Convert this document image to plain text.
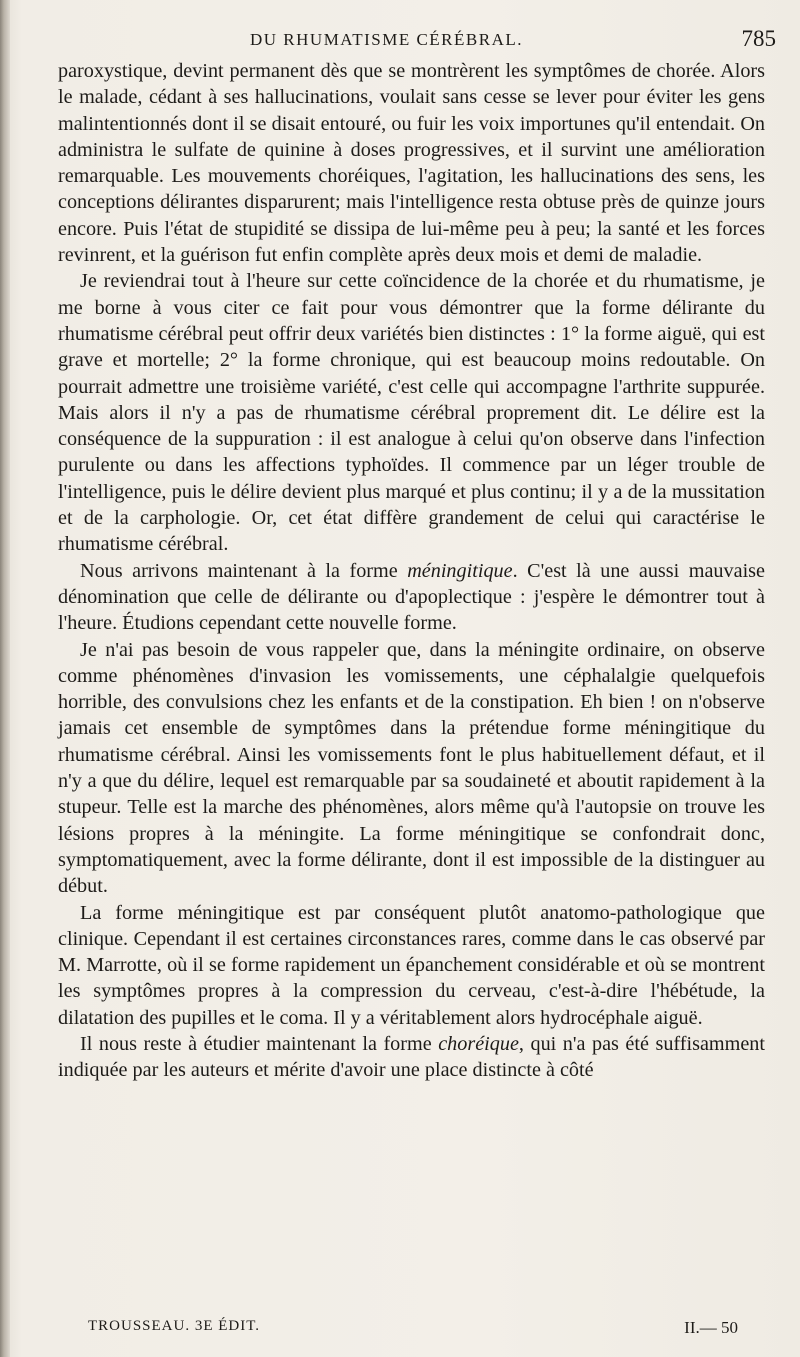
DU RHUMATISME CÉRÉBRAL.	785

paroxystique, devint permanent dès que se montrèrent les symptômes de chorée. Alors le malade, cédant à ses hallucinations, voulait sans cesse se lever pour éviter les gens malintentionnés dont il se disait entouré, ou fuir les voix importunes qu'il entendait. On administra le sulfate de quinine à doses progressives, et il survint une amélioration remarquable. Les mouvements choréiques, l'agitation, les hallucinations des sens, les conceptions délirantes disparurent; mais l'intelligence resta obtuse près de quinze jours encore. Puis l'état de stupidité se dissipa de lui-même peu à peu; la santé et les forces revinrent, et la guérison fut enfin complète après deux mois et demi de maladie.

Je reviendrai tout à l'heure sur cette coïncidence de la chorée et du rhumatisme, je me borne à vous citer ce fait pour vous démontrer que la forme délirante du rhumatisme cérébral peut offrir deux variétés bien distinctes : 1° la forme aiguë, qui est grave et mortelle; 2° la forme chronique, qui est beaucoup moins redoutable. On pourrait admettre une troisième variété, c'est celle qui accompagne l'arthrite suppurée. Mais alors il n'y a pas de rhumatisme cérébral proprement dit. Le délire est la conséquence de la suppuration : il est analogue à celui qu'on observe dans l'infection purulente ou dans les affections typhoïdes. Il commence par un léger trouble de l'intelligence, puis le délire devient plus marqué et plus continu; il y a de la mussitation et de la carphologie. Or, cet état diffère grandement de celui qui caractérise le rhumatisme cérébral.

Nous arrivons maintenant à la forme méningitique. C'est là une aussi mauvaise dénomination que celle de délirante ou d'apoplectique : j'espère le démontrer tout à l'heure. Étudions cependant cette nouvelle forme.

Je n'ai pas besoin de vous rappeler que, dans la méningite ordinaire, on observe comme phénomènes d'invasion les vomissements, une céphalalgie quelquefois horrible, des convulsions chez les enfants et de la constipation. Eh bien ! on n'observe jamais cet ensemble de symptômes dans la prétendue forme méningitique du rhumatisme cérébral. Ainsi les vomissements font le plus habituellement défaut, et il n'y a que du délire, lequel est remarquable par sa soudaineté et aboutit rapidement à la stupeur. Telle est la marche des phénomènes, alors même qu'à l'autopsie on trouve les lésions propres à la méningite. La forme méningitique se confondrait donc, symptomatiquement, avec la forme délirante, dont il est impossible de la distinguer au début.

La forme méningitique est par conséquent plutôt anatomo-pathologique que clinique. Cependant il est certaines circonstances rares, comme dans le cas observé par M. Marrotte, où il se forme rapidement un épanchement considérable et où se montrent les symptômes propres à la compression du cerveau, c'est-à-dire l'hébétude, la dilatation des pupilles et le coma. Il y a véritablement alors hydrocéphale aiguë.

Il nous reste à étudier maintenant la forme choréique, qui n'a pas été suffisamment indiquée par les auteurs et mérite d'avoir une place distincte à côté

TROUSSEAU. 3E ÉDIT.	II.— 50
